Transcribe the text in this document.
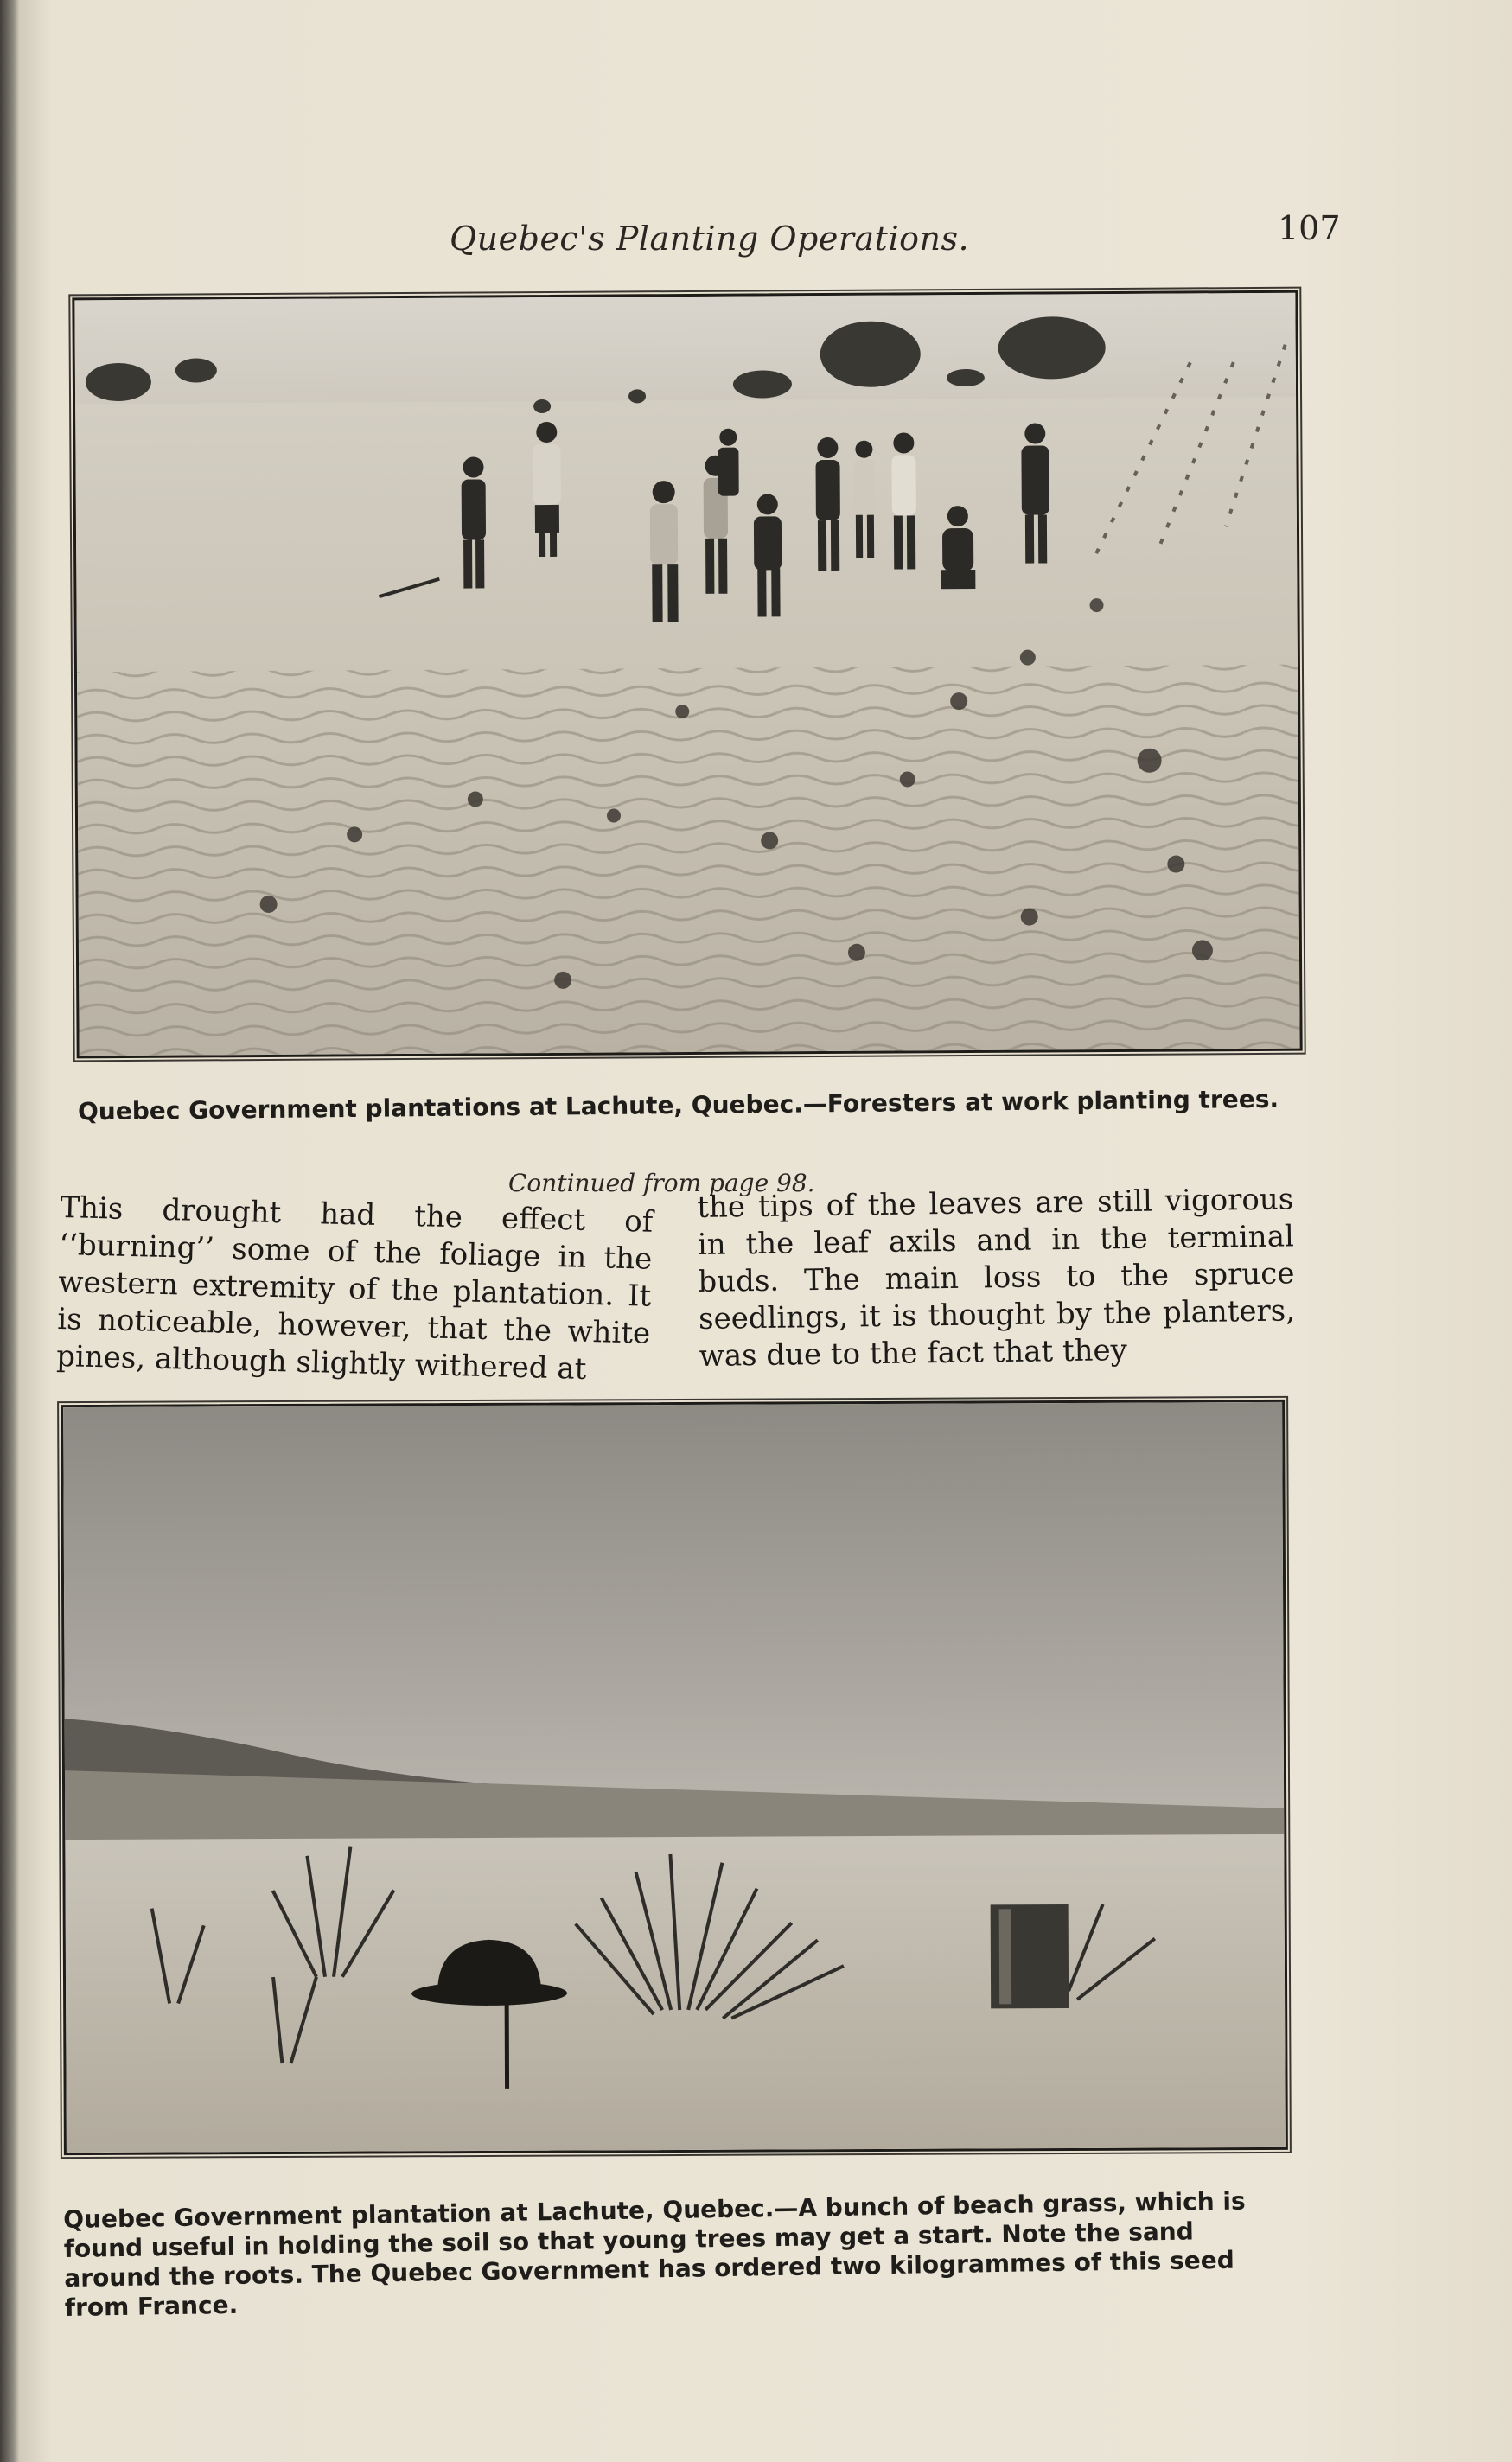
Quebec's Planting Operations.	107
Quebec Government plantations at Lachute, Quebec.—Foresters at work planting trees.
Continued from page 98.

This drought had the effect of ‘‘burning’’ some of the foliage in the western extremity of the plantation. It is noticeable, however, that the white pines, although slightly withered at

the tips of the leaves are still vigorous in the leaf axils and in the terminal buds. The main loss to the spruce seedlings, it is thought by the planters, was due to the fact that they

Quebec Government plantation at Lachute, Quebec.—A bunch of beach grass, which is found useful in holding the soil so that young trees may get a start. Note the sand around the roots. The Quebec Government has ordered two kilogrammes of this seed from France.
